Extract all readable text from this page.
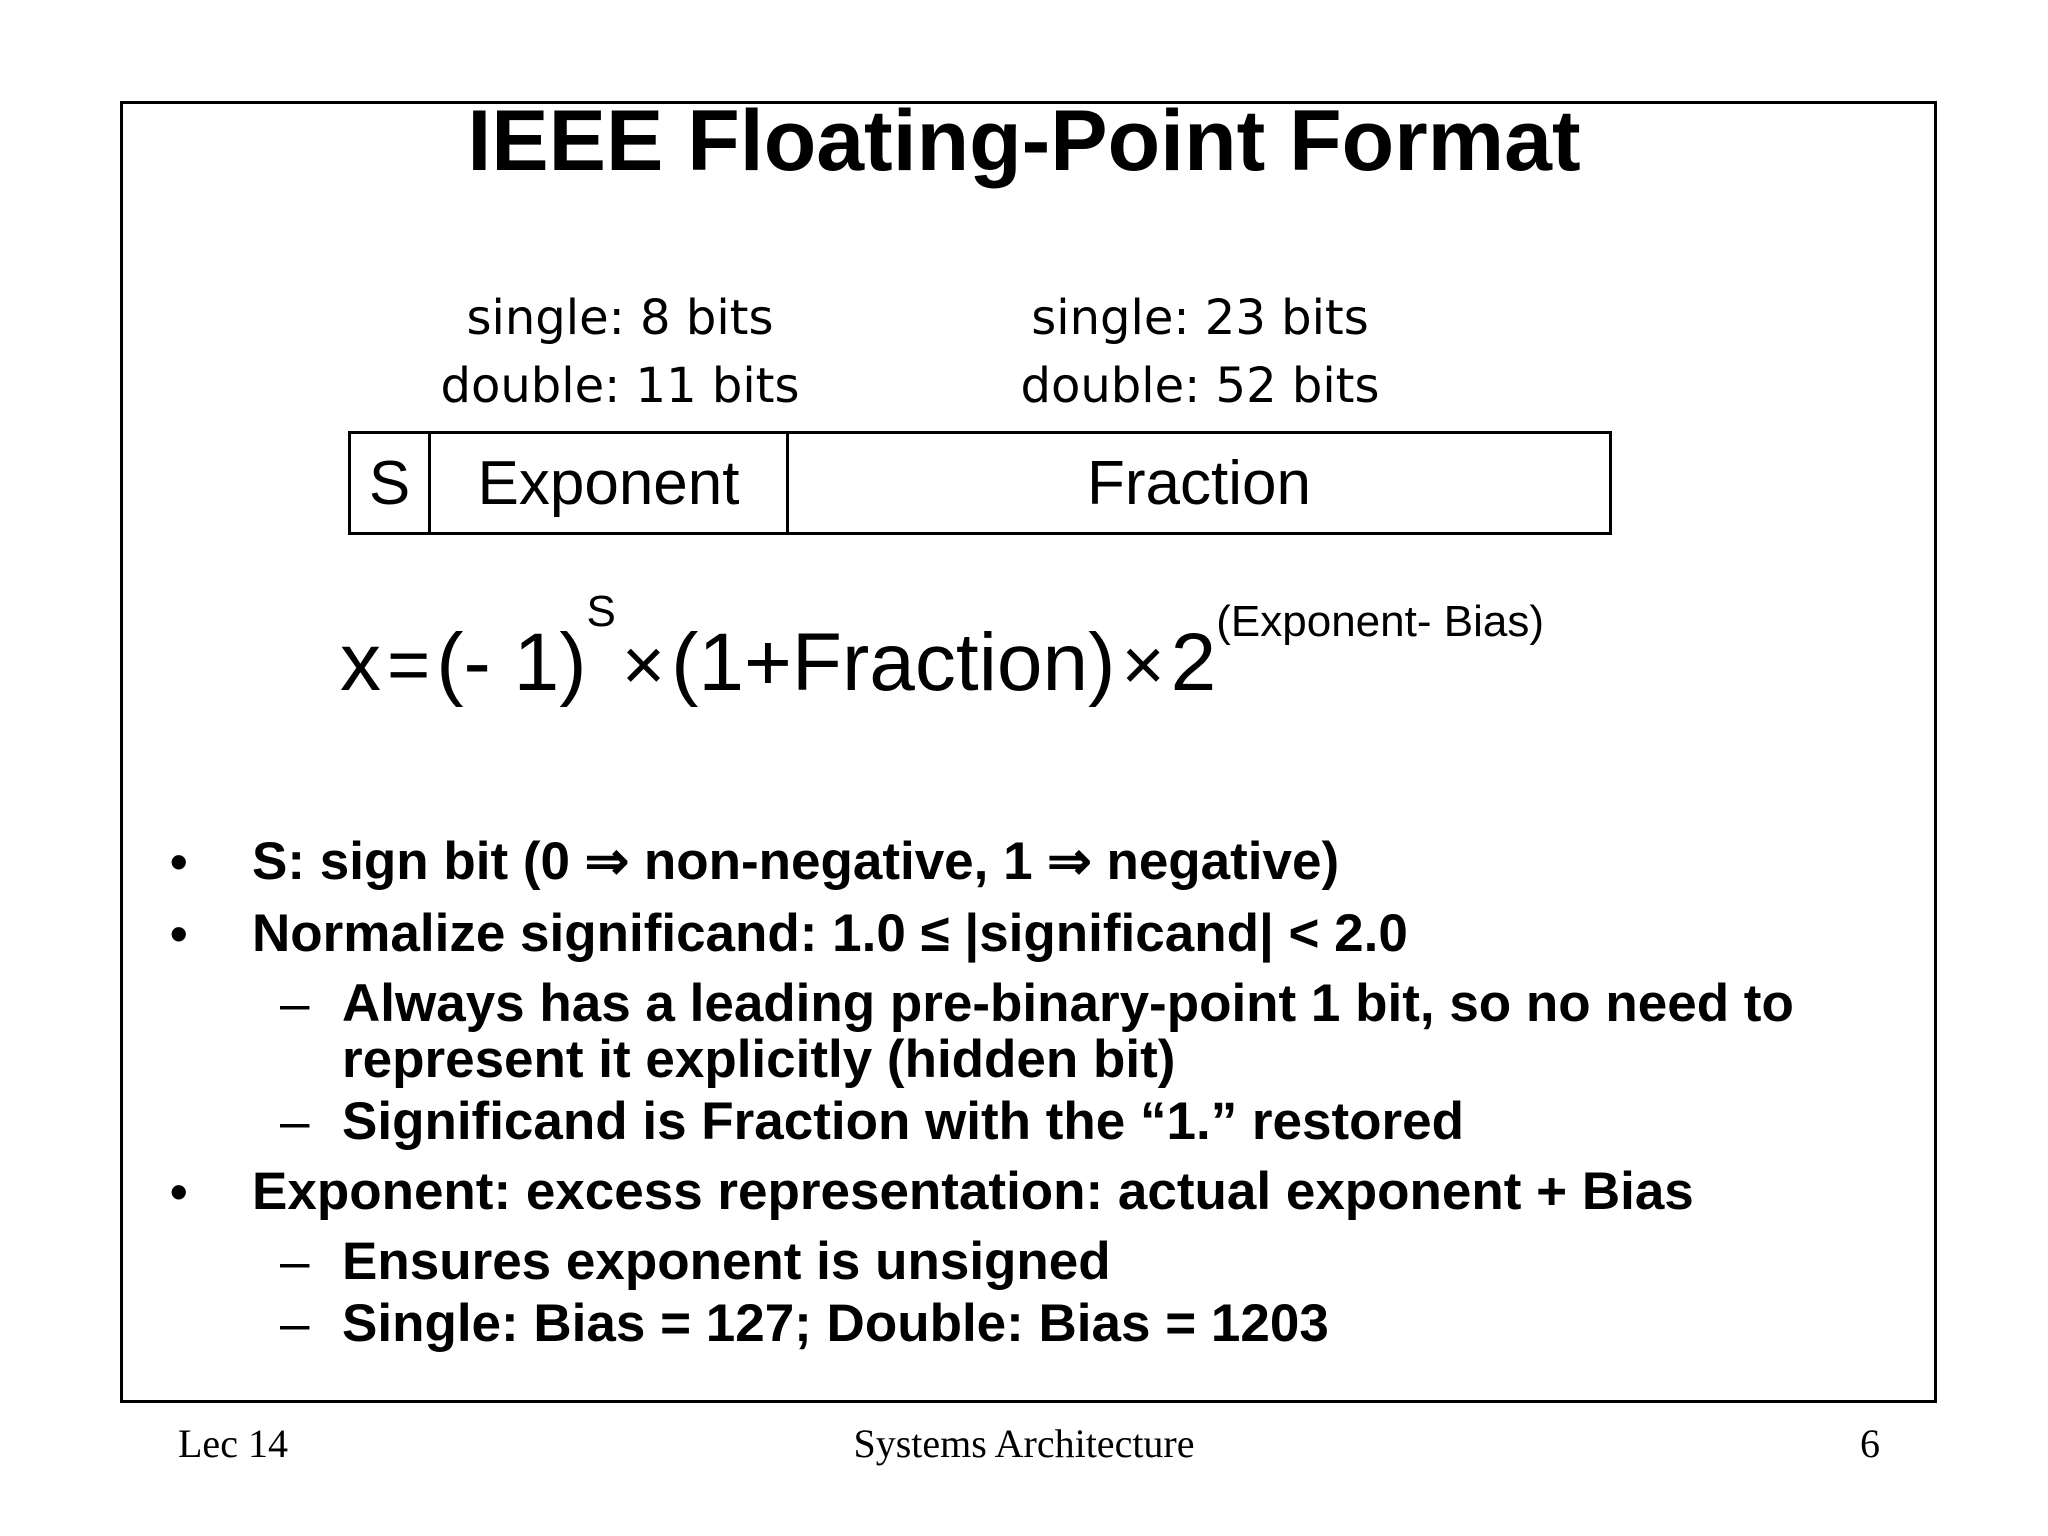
IEEE Floating-Point Format
single: 8 bits
double: 11 bits
single: 23 bits
double: 52 bits
S	Exponent	Fraction
x=(- $1)^S\times(1+Fraction)\times 2^{(Exponent- Bias)}$
• S: sign bit (0 ⇒ non-negative, 1 ⇒ negative)
• Normalize significand: 1.0 ≤ |significand| < 2.0
– Always has a leading pre-binary-point 1 bit, so no need to represent it explicitly (hidden bit)
– Significand is Fraction with the “1.” restored
• Exponent: excess representation: actual exponent + Bias
– Ensures exponent is unsigned
– Single: Bias = 127; Double: Bias = 1203
Lec 14	Systems Architecture	6
